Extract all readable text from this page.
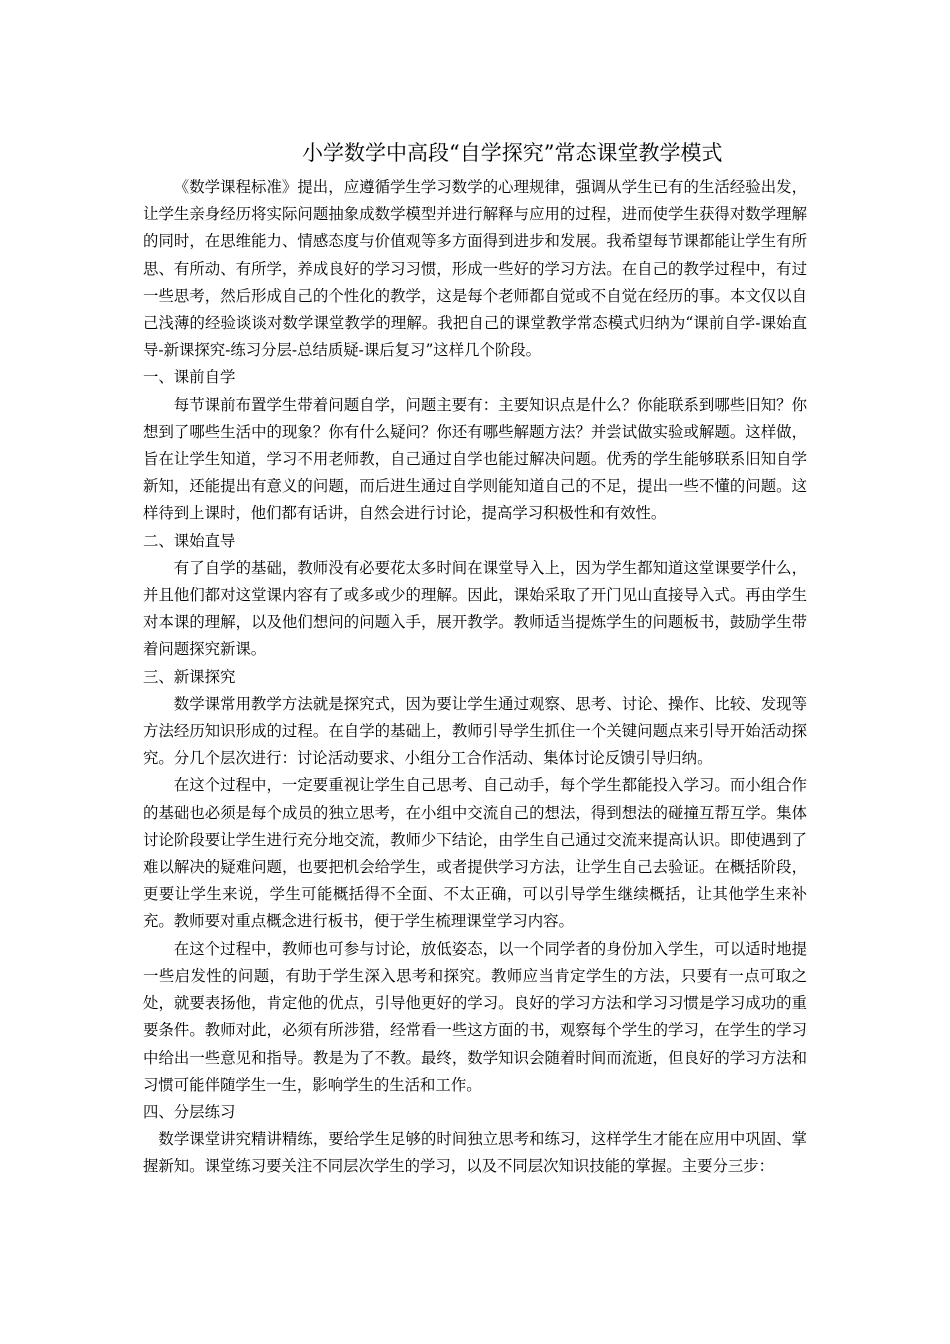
小学数学中高段“自学探究”常态课堂教学模式

《数学课程标准》提出，应遵循学生学习数学的心理规律，强调从学生已有的生活经验出发，让学生亲身经历将实际问题抽象成数学模型并进行解释与应用的过程，进而使学生获得对数学理解的同时，在思维能力、情感态度与价值观等多方面得到进步和发展。我希望每节课都能让学生有所思、有所动、有所学，养成良好的学习习惯，形成一些好的学习方法。在自己的教学过程中，有过一些思考，然后形成自己的个性化的教学，这是每个老师都自觉或不自觉在经历的事。本文仅以自己浅薄的经验谈谈对数学课堂教学的理解。我把自己的课堂教学常态模式归纳为“课前自学-课始直导-新课探究-练习分层-总结质疑-课后复习”这样几个阶段。

一、课前自学

每节课前布置学生带着问题自学，问题主要有：主要知识点是什么？你能联系到哪些旧知？你想到了哪些生活中的现象？你有什么疑问？你还有哪些解题方法？并尝试做实验或解题。这样做，旨在让学生知道，学习不用老师教，自己通过自学也能过解决问题。优秀的学生能够联系旧知自学新知，还能提出有意义的问题，而后进生通过自学则能知道自己的不足，提出一些不懂的问题。这样待到上课时，他们都有话讲，自然会进行讨论，提高学习积极性和有效性。

二、课始直导

有了自学的基础，教师没有必要花太多时间在课堂导入上，因为学生都知道这堂课要学什么，并且他们都对这堂课内容有了或多或少的理解。因此，课始采取了开门见山直接导入式。再由学生对本课的理解，以及他们想问的问题入手，展开教学。教师适当提炼学生的问题板书，鼓励学生带着问题探究新课。

三、新课探究

数学课常用教学方法就是探究式，因为要让学生通过观察、思考、讨论、操作、比较、发现等方法经历知识形成的过程。在自学的基础上，教师引导学生抓住一个关键问题点来引导开始活动探究。分几个层次进行：讨论活动要求、小组分工合作活动、集体讨论反馈引导归纳。

在这个过程中，一定要重视让学生自己思考、自己动手，每个学生都能投入学习。而小组合作的基础也必须是每个成员的独立思考，在小组中交流自己的想法，得到想法的碰撞互帮互学。集体讨论阶段要让学生进行充分地交流，教师少下结论，由学生自己通过交流来提高认识。即使遇到了难以解决的疑难问题，也要把机会给学生，或者提供学习方法，让学生自己去验证。在概括阶段，更要让学生来说，学生可能概括得不全面、不太正确，可以引导学生继续概括，让其他学生来补充。教师要对重点概念进行板书，便于学生梳理课堂学习内容。

在这个过程中，教师也可参与讨论，放低姿态，以一个同学者的身份加入学生，可以适时地提一些启发性的问题，有助于学生深入思考和探究。教师应当肯定学生的方法，只要有一点可取之处，就要表扬他，肯定他的优点，引导他更好的学习。良好的学习方法和学习习惯是学习成功的重要条件。教师对此，必须有所涉猎，经常看一些这方面的书，观察每个学生的学习，在学生的学习中给出一些意见和指导。教是为了不教。最终，数学知识会随着时间而流逝，但良好的学习方法和习惯可能伴随学生一生，影响学生的生活和工作。

四、分层练习

数学课堂讲究精讲精练，要给学生足够的时间独立思考和练习，这样学生才能在应用中巩固、掌握新知。课堂练习要关注不同层次学生的学习，以及不同层次知识技能的掌握。主要分三步：
